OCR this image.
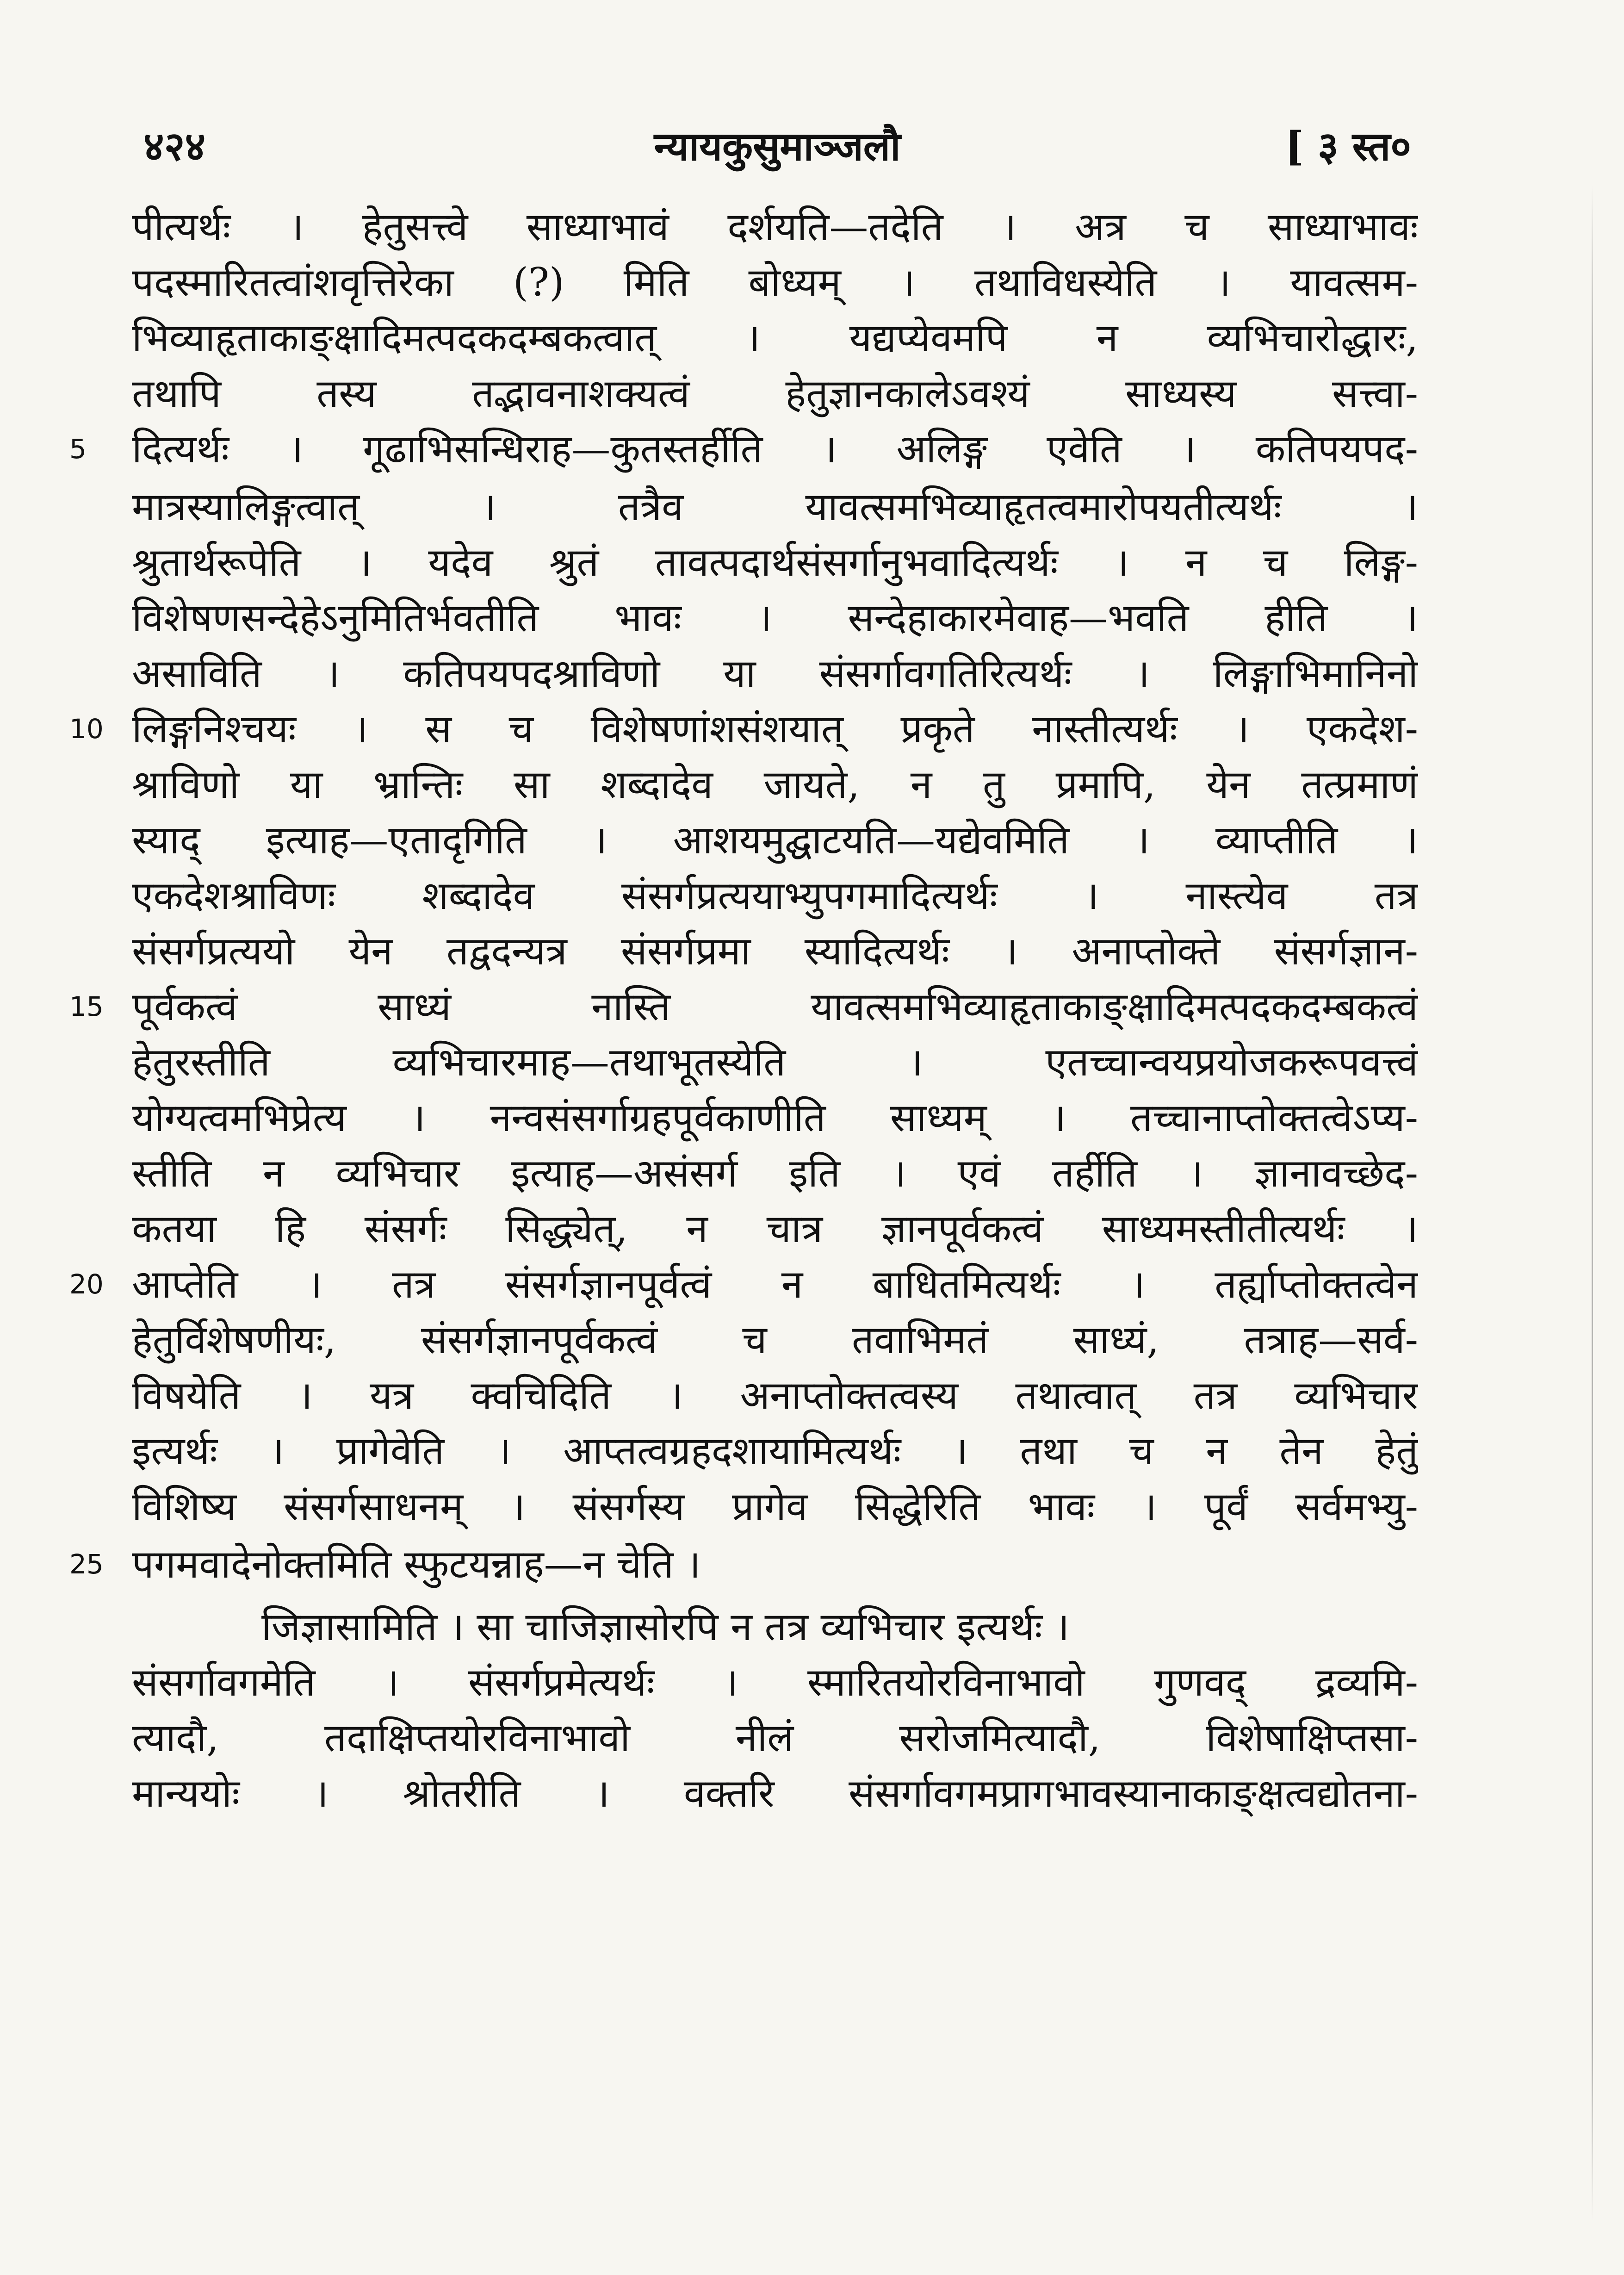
४२४	न्यायकुसुमाञ्जलौ	[ ३ स्त०
पीत्यर्थः । हेतुसत्त्वे साध्याभावं दर्शयति—तदेति । अत्र च साध्याभावः
पदस्मारितत्वांशवृत्तिरेका (?) मिति बोध्यम् । तथाविधस्येति । यावत्सम-
भिव्याहृताकाङ्क्षादिमत्पदकदम्बकत्वात् । यद्यप्येवमपि न व्यभिचारोद्धारः,
तथापि तस्य तद्भावनाशक्यत्वं हेतुज्ञानकालेऽवश्यं साध्यस्य सत्त्वा-
5	दित्यर्थः । गूढाभिसन्धिराह—कुतस्तर्हीति । अलिङ्ग एवेति । कतिपयपद-
मात्रस्यालिङ्गत्वात् । तत्रैव यावत्समभिव्याहृतत्वमारोपयतीत्यर्थः ।
श्रुतार्थरूपेति । यदेव श्रुतं तावत्पदार्थसंसर्गानुभवादित्यर्थः । न च लिङ्ग-
विशेषणसन्देहेऽनुमितिर्भवतीति भावः । सन्देहाकारमेवाह—भवति हीति ।
असाविति । कतिपयपदश्राविणो या संसर्गावगतिरित्यर्थः । लिङ्गाभिमानिनो
10 लिङ्गनिश्चयः । स च विशेषणांशसंशयात् प्रकृते नास्तीत्यर्थः । एकदेश-
श्राविणो या भ्रान्तिः सा शब्दादेव जायते, न तु प्रमापि, येन तत्प्रमाणं
स्याद् इत्याह—एतादृगिति । आशयमुद्घाटयति—यद्येवमिति । व्याप्तीति ।
एकदेशश्राविणः शब्दादेव संसर्गप्रत्ययाभ्युपगमादित्यर्थः । नास्त्येव तत्र
संसर्गप्रत्ययो येन तद्वदन्यत्र संसर्गप्रमा स्यादित्यर्थः । अनाप्तोक्ते संसर्गज्ञान-
15 पूर्वकत्वं साध्यं नास्ति यावत्समभिव्याहृताकाङ्क्षादिमत्पदकदम्बकत्वं
हेतुरस्तीति व्यभिचारमाह—तथाभूतस्येति । एतच्चान्वयप्रयोजकरूपवत्त्वं
योग्यत्वमभिप्रेत्य । नन्वसंसर्गाग्रहपूर्वकाणीति साध्यम् । तच्चानाप्तोक्तत्वेऽप्य-
स्तीति न व्यभिचार इत्याह—असंसर्ग इति । एवं तर्हीति । ज्ञानावच्छेद-
कतया हि संसर्गः सिद्ध्येत्, न चात्र ज्ञानपूर्वकत्वं साध्यमस्तीतीत्यर्थः ।
20 आप्तेति । तत्र संसर्गज्ञानपूर्वत्वं न बाधितमित्यर्थः । तर्ह्याप्तोक्तत्वेन
हेतुर्विशेषणीयः, संसर्गज्ञानपूर्वकत्वं च तवाभिमतं साध्यं, तत्राह—सर्व-
विषयेति । यत्र क्वचिदिति । अनाप्तोक्तत्वस्य तथात्वात् तत्र व्यभिचार
इत्यर्थः । प्रागेवेति । आप्तत्वग्रहदशायामित्यर्थः । तथा च न तेन हेतुं
विशिष्य संसर्गसाधनम् । संसर्गस्य प्रागेव सिद्धेरिति भावः । पूर्वं सर्वमभ्यु-
25 पगमवादेनोक्तमिति स्फुटयन्नाह—न चेति ।
जिज्ञासामिति । सा चाजिज्ञासोरपि न तत्र व्यभिचार इत्यर्थः ।
संसर्गावगमेति । संसर्गप्रमेत्यर्थः । स्मारितयोरविनाभावो गुणवद् द्रव्यमि-
त्यादौ, तदाक्षिप्तयोरविनाभावो नीलं सरोजमित्यादौ, विशेषाक्षिप्तसा-
मान्ययोः । श्रोतरीति । वक्तरि संसर्गावगमप्रागभावस्यानाकाङ्क्षत्वद्योतना-
